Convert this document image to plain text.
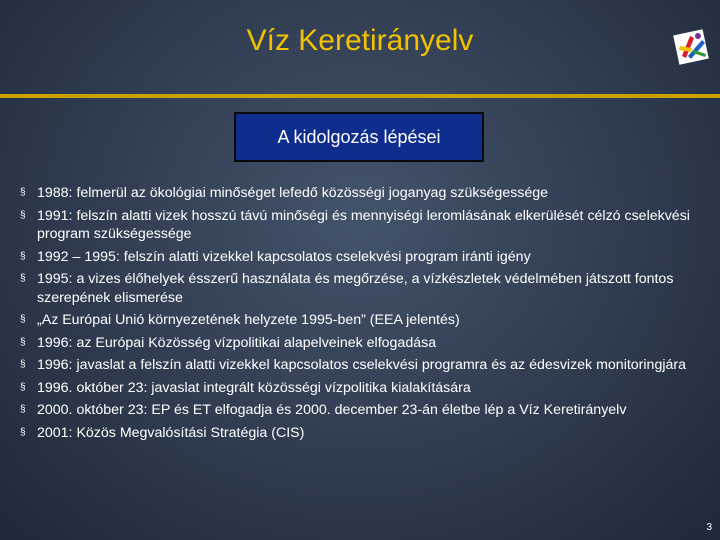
Víz Keretirányelv
A kidolgozás lépései
§ 1988: felmerül az ökológiai minőséget lefedő közösségi joganyag szükségessége
§ 1991: felszín alatti vizek hosszú távú minőségi és mennyiségi leromlásának elkerülését célzó cselekvési program szükségessége
§ 1992 – 1995: felszín alatti vizekkel kapcsolatos cselekvési program iránti igény
§ 1995: a vizes élőhelyek ésszerű használata és megőrzése, a vízkészletek védelmében játszott fontos szerepének elismerése
§ „Az Európai Unió környezetének helyzete 1995-ben” (EEA jelentés)
§ 1996: az Európai Közösség vízpolitikai alapelveinek elfogadása
§ 1996: javaslat a felszín alatti vizekkel kapcsolatos cselekvési programra és az édesvizek monitoringjára
§ 1996. október 23: javaslat integrált közösségi vízpolitika kialakítására
§ 2000. október 23: EP és ET elfogadja és 2000. december 23-án életbe lép a Víz Keretirányelv
§ 2001: Közös Megvalósítási Stratégia (CIS)
3
